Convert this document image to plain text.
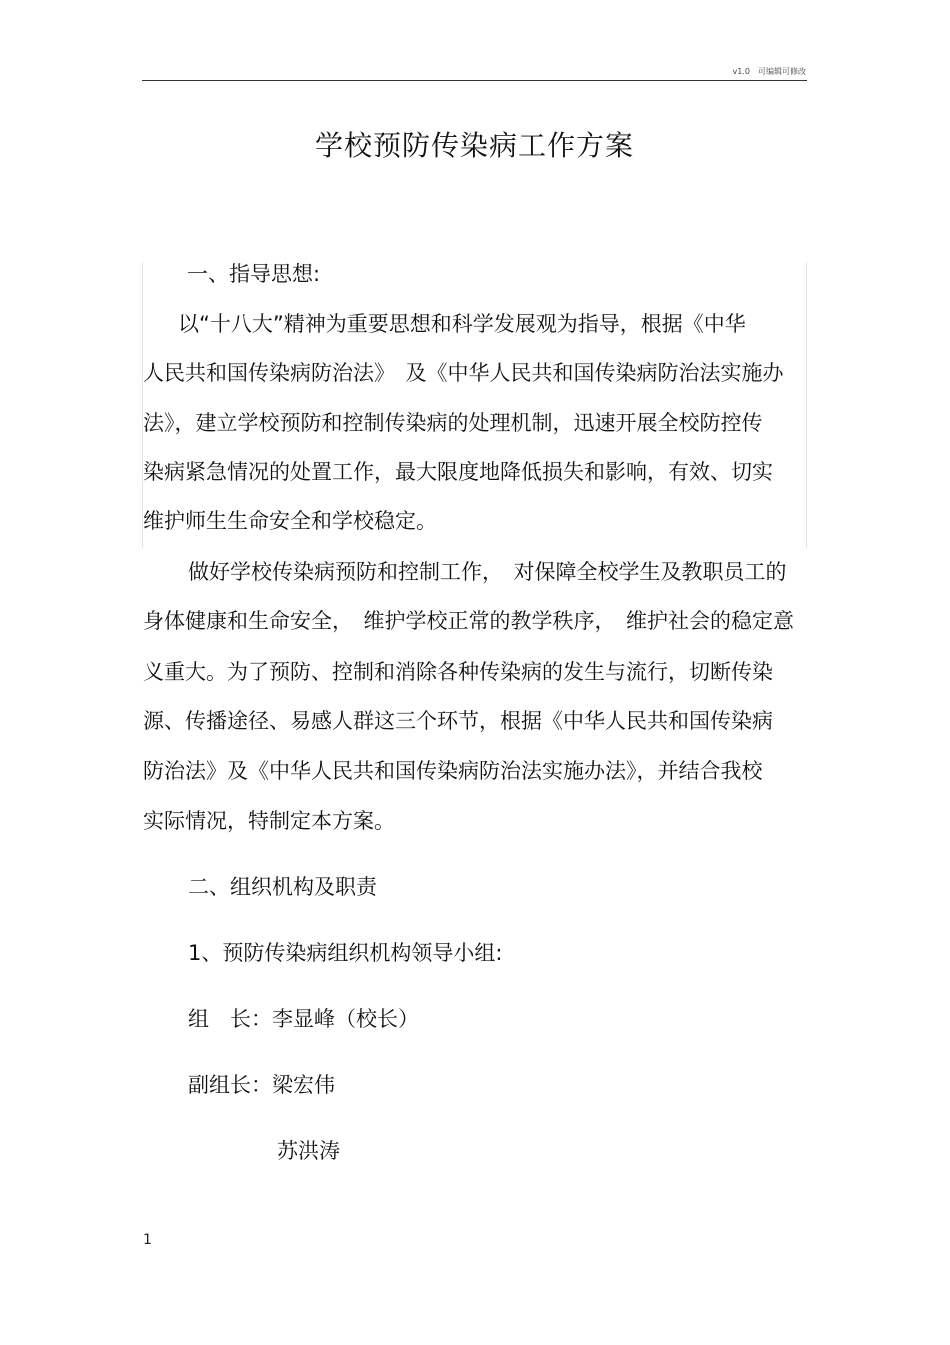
v1.0　可编辑可修改
学校预防传染病工作方案
一、指导思想:
以“十八大”精神为重要思想和科学发展观为指导，根据《中华
人民共和国传染病防治法》　及《中华人民共和国传染病防治法实施办
法》，建立学校预防和控制传染病的处理机制，迅速开展全校防控传
染病紧急情况的处置工作，最大限度地降低损失和影响，有效、切实
维护师生生命安全和学校稳定。
做好学校传染病预防和控制工作，　对保障全校学生及教职员工的
身体健康和生命安全，　维护学校正常的教学秩序，　维护社会的稳定意
义重大。为了预防、控制和消除各种传染病的发生与流行，切断传染
源、传播途径、易感人群这三个环节，根据《中华人民共和国传染病
防治法》及《中华人民共和国传染病防治法实施办法》，并结合我校
实际情况，特制定本方案。
二、组织机构及职责
1、预防传染病组织机构领导小组:
组　长：李显峰（校长）
副组长：梁宏伟
苏洪涛
1
